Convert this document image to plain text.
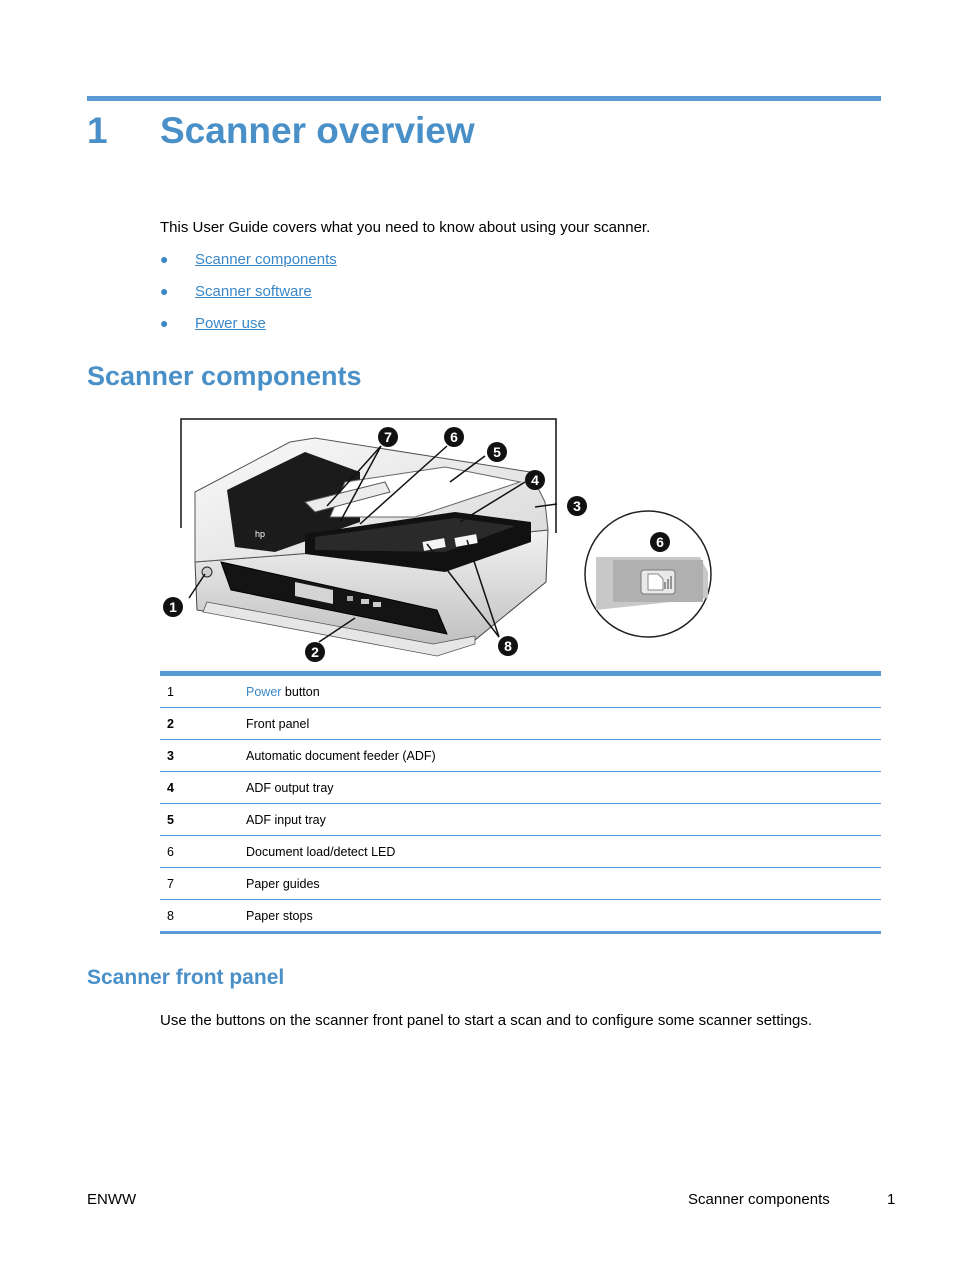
1 Scanner overview
This User Guide covers what you need to know about using your scanner.
● Scanner components
● Scanner software
● Power use
Scanner components
hp
1
2
3
4
5
6
7
8
6
1	Power button
2	Front panel
3	Automatic document feeder (ADF)
4	ADF output tray
5	ADF input tray
6	Document load/detect LED
7	Paper guides
8	Paper stops
Scanner front panel
Use the buttons on the scanner front panel to start a scan and to configure some scanner settings.
ENWW	Scanner components	1
